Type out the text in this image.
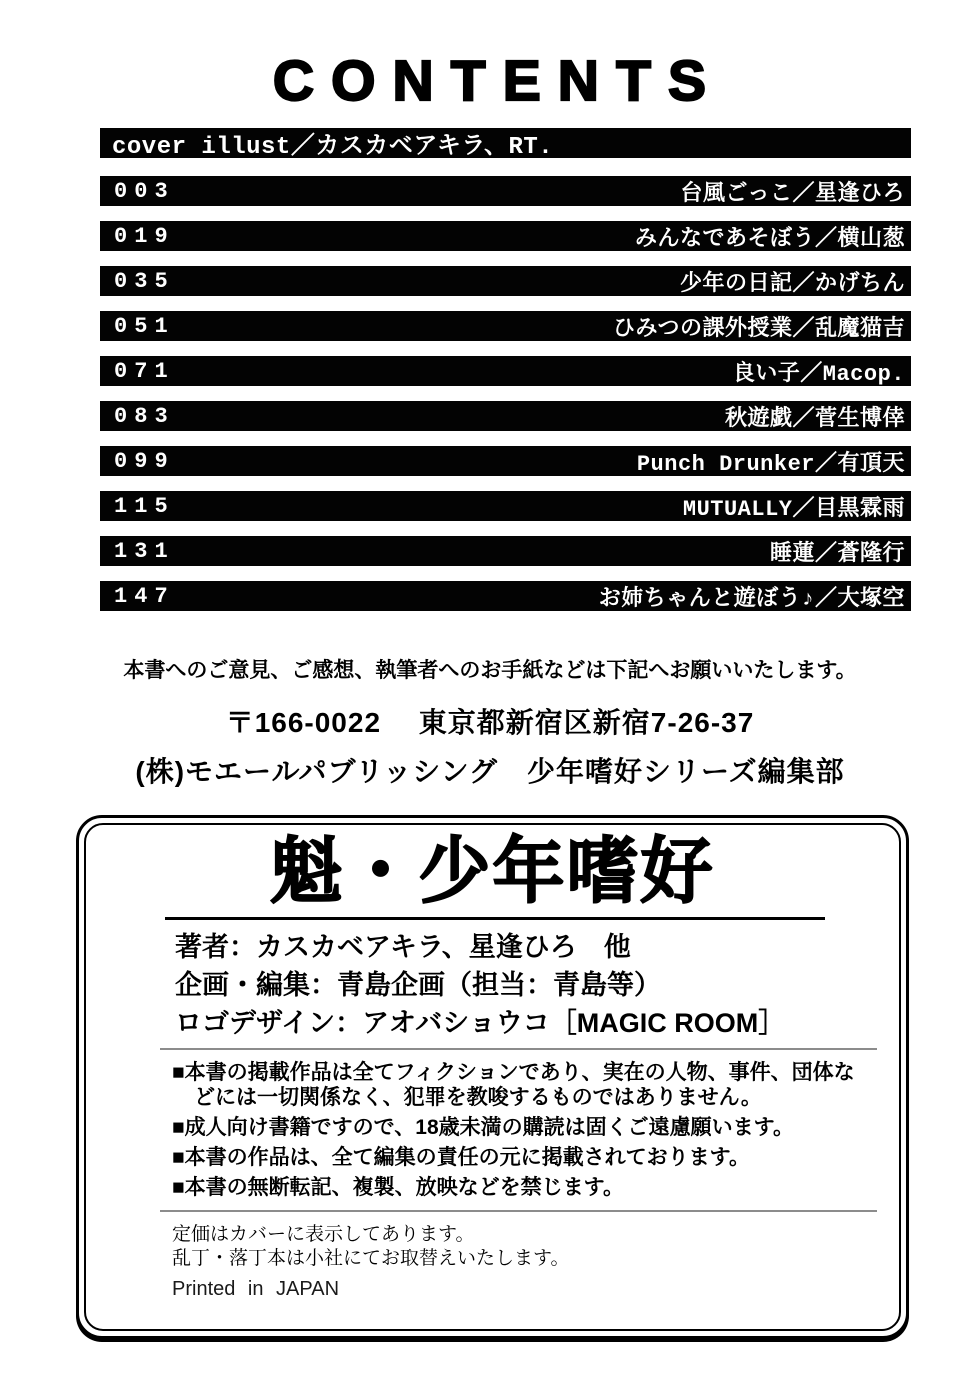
CONTENTS
cover illust／カスカベアキラ、RT.
003	台風ごっこ／星逢ひろ
019	みんなであそぼう／横山葱
035	少年の日記／かげちん
051	ひみつの課外授業／乱魔猫吉
071	良い子／Macop.
083	秋遊戯／菅生博倖
099	Punch Drunker／有頂天
115	MUTUALLY／目黒霖雨
131	睡蓮／蒼隆行
147	お姉ちゃんと遊ぼう♪／大塚空

本書へのご意見、ご感想、執筆者へのお手紙などは下記へお願いいたします。

〒166-0022　 東京都新宿区新宿7-26-37

(株)モエールパブリッシング　少年嗜好シリーズ編集部

魁・少年嗜好

著者：カスカベアキラ、星逢ひろ　他

企画・編集：青島企画（担当：青島等）

ロゴデザイン：アオバショウコ［MAGIC ROOM］

■本書の掲載作品は全てフィクションであり、実在の人物、事件、団体などには一切関係なく、犯罪を教唆するものではありません。

■成人向け書籍ですので、18歳未満の購読は固くご遠慮願います。

■本書の作品は、全て編集の責任の元に掲載されております。

■本書の無断転記、複製、放映などを禁じます。

定価はカバーに表示してあります。

乱丁・落丁本は小社にてお取替えいたします。

Printed in JAPAN
